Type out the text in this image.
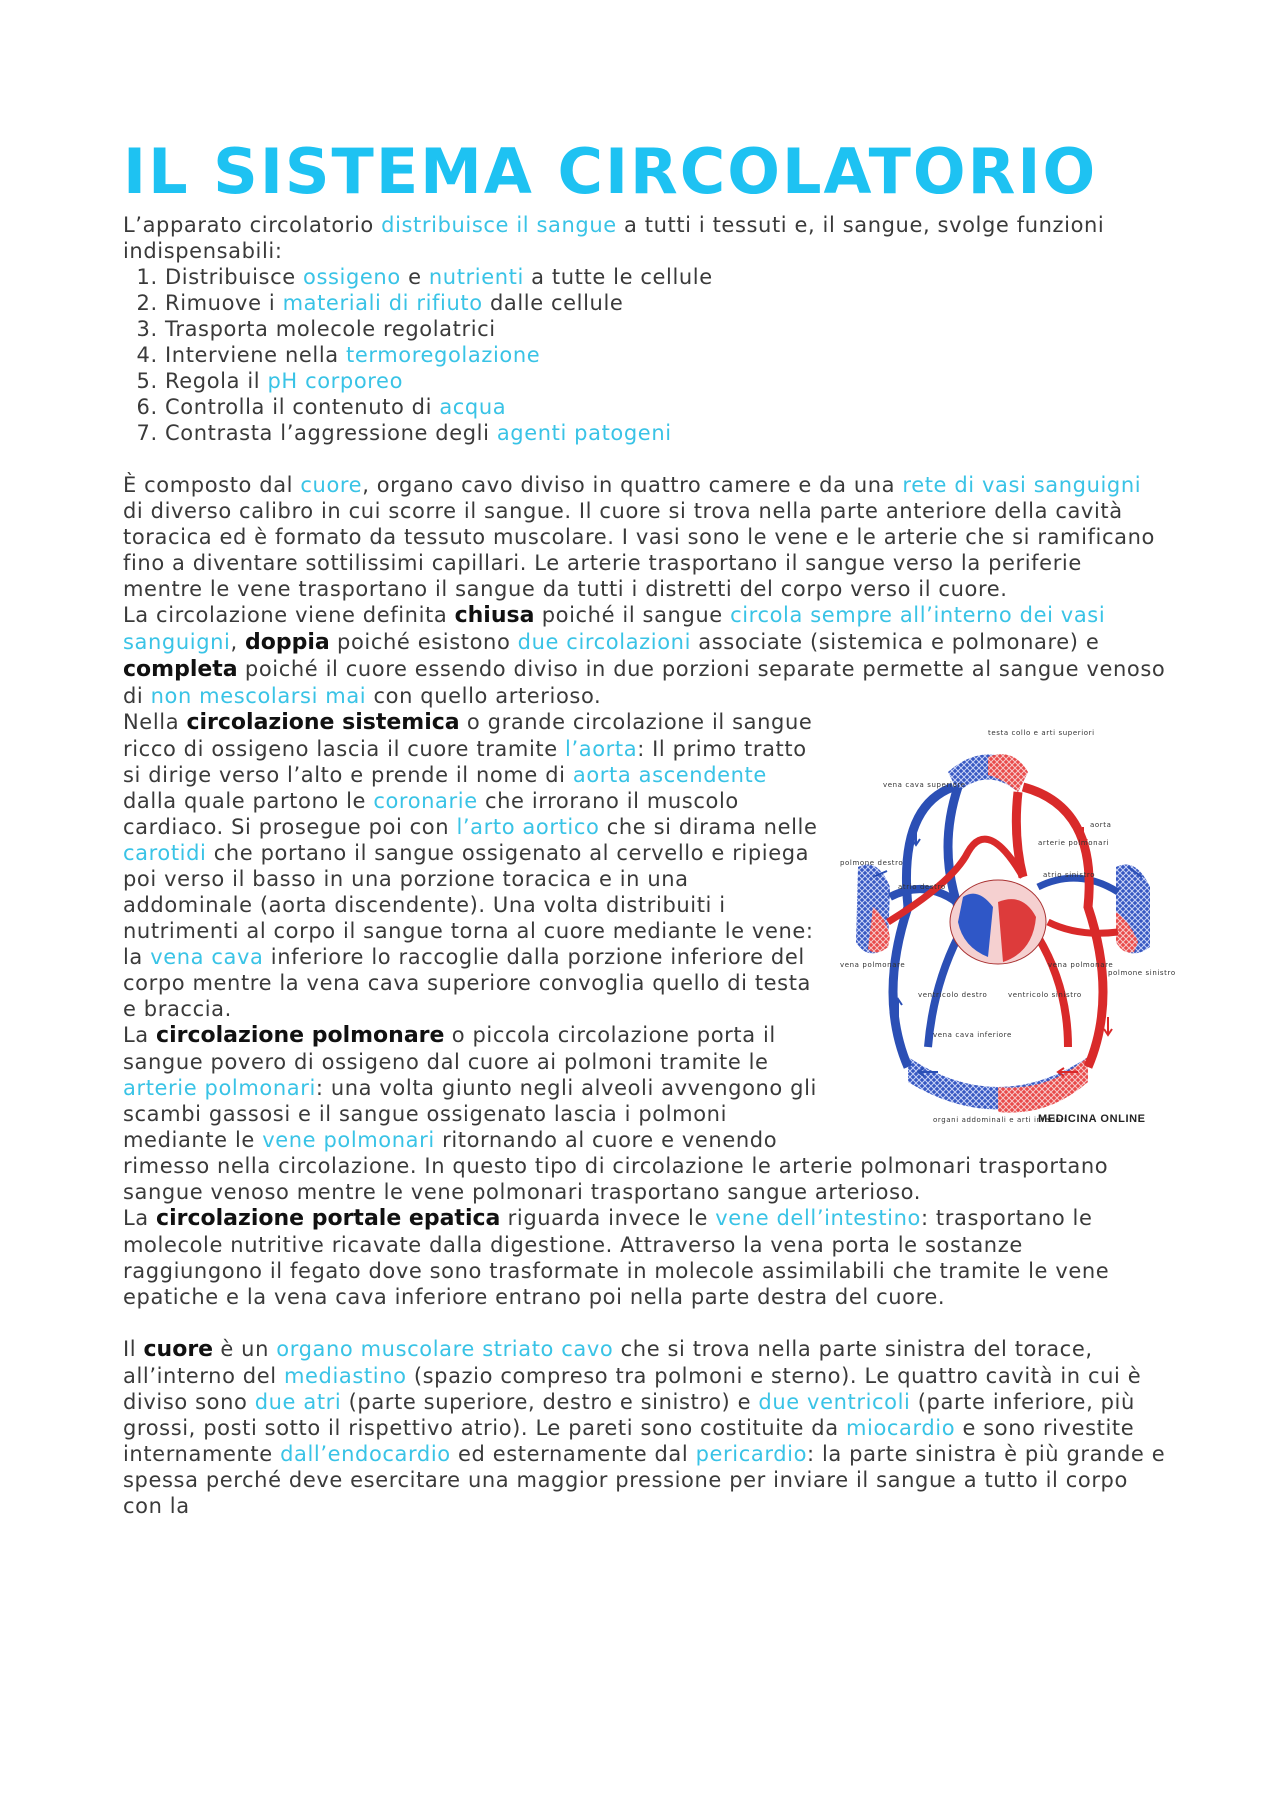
IL SISTEMA CIRCOLATORIO

L’apparato circolatorio distribuisce il sangue a tutti i tessuti e, il sangue, svolge funzioni indispensabili:

1. Distribuisce ossigeno e nutrienti a tutte le cellule
2. Rimuove i materiali di rifiuto dalle cellule
3. Trasporta molecole regolatrici
4. Interviene nella termoregolazione
5. Regola il pH corporeo
6. Controlla il contenuto di acqua
7. Contrasta l’aggressione degli agenti patogeni

È composto dal cuore, organo cavo diviso in quattro camere e da una rete di vasi sanguigni di diverso calibro in cui scorre il sangue. Il cuore si trova nella parte anteriore della cavità toracica ed è formato da tessuto muscolare. I vasi sono le vene e le arterie che si ramificano fino a diventare sottilissimi capillari. Le arterie trasportano il sangue verso la periferie mentre le vene trasportano il sangue da tutti i distretti del corpo verso il cuore.

La circolazione viene definita chiusa poiché il sangue circola sempre all’interno dei vasi sanguigni, doppia poiché esistono due circolazioni associate (sistemica e polmonare) e completa poiché il cuore essendo diviso in due porzioni separate permette al sangue venoso di non mescolarsi mai con quello arterioso.

testa collo e arti superiori
vena cava superiore
aorta
arterie polmonari
polmone destro
atrio sinistro
atrio destro
vena polmonare	vena polmonare
polmone sinistro
ventricolo destro	ventricolo sinistro
vena cava inferiore
organi addominali e arti inferiori
MEDICINA ONLINE

Nella circolazione sistemica o grande circolazione il sangue ricco di ossigeno lascia il cuore tramite l’aorta: Il primo tratto si dirige verso l’alto e prende il nome di aorta ascendente dalla quale partono le coronarie che irrorano il muscolo cardiaco. Si prosegue poi con l’arto aortico che si dirama nelle carotidi che portano il sangue ossigenato al cervello e ripiega poi verso il basso in una porzione toracica e in una addominale (aorta discendente). Una volta distribuiti i nutrimenti al corpo il sangue torna al cuore mediante le vene: la vena cava inferiore lo raccoglie dalla porzione inferiore del corpo mentre la vena cava superiore convoglia quello di testa e braccia.

La circolazione polmonare o piccola circolazione porta il sangue povero di ossigeno dal cuore ai polmoni tramite le arterie polmonari: una volta giunto negli alveoli avvengono gli scambi gassosi e il sangue ossigenato lascia i polmoni mediante le vene polmonari ritornando al cuore e venendo rimesso nella circolazione. In questo tipo di circolazione le arterie polmonari trasportano sangue venoso mentre le vene polmonari trasportano sangue arterioso.

La circolazione portale epatica riguarda invece le vene dell’intestino: trasportano le molecole nutritive ricavate dalla digestione. Attraverso la vena porta le sostanze raggiungono il fegato dove sono trasformate in molecole assimilabili che tramite le vene epatiche e la vena cava inferiore entrano poi nella parte destra del cuore.

Il cuore è un organo muscolare striato cavo che si trova nella parte sinistra del torace, all’interno del mediastino (spazio compreso tra polmoni e sterno). Le quattro cavità in cui è diviso sono due atri (parte superiore, destro e sinistro) e due ventricoli (parte inferiore, più grossi, posti sotto il rispettivo atrio). Le pareti sono costituite da miocardio e sono rivestite internamente dall’endocardio ed esternamente dal pericardio: la parte sinistra è più grande e spessa perché deve esercitare una maggior pressione per inviare il sangue a tutto il corpo con la
